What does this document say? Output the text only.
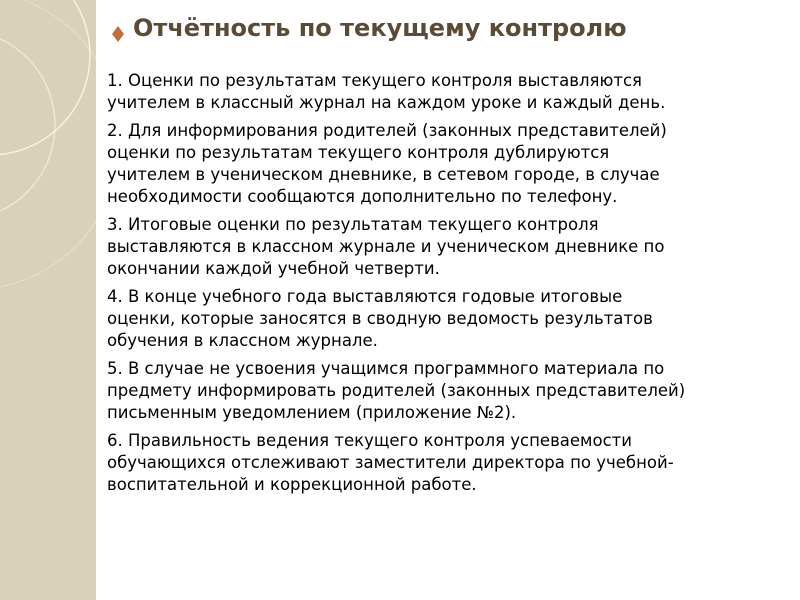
Отчётность по текущему контролю
1. Оценки по результатам текущего контроля выставляются
учителем в классный журнал на каждом уроке и каждый день.
2. Для информирования родителей (законных представителей)
оценки по результатам текущего контроля дублируются
учителем в ученическом дневнике, в сетевом городе, в случае
необходимости сообщаются дополнительно по телефону.
3. Итоговые оценки по результатам текущего контроля
выставляются в классном журнале и ученическом дневнике по
окончании каждой учебной четверти.
4. В конце учебного года выставляются годовые итоговые
оценки, которые заносятся в сводную ведомость результатов
обучения в классном журнале.
5. В случае не усвоения учащимся программного материала по
предмету информировать родителей (законных представителей)
письменным уведомлением (приложение №2).
6. Правильность ведения текущего контроля успеваемости
обучающихся отслеживают заместители директора по учебной-
воспитательной и коррекционной работе.
